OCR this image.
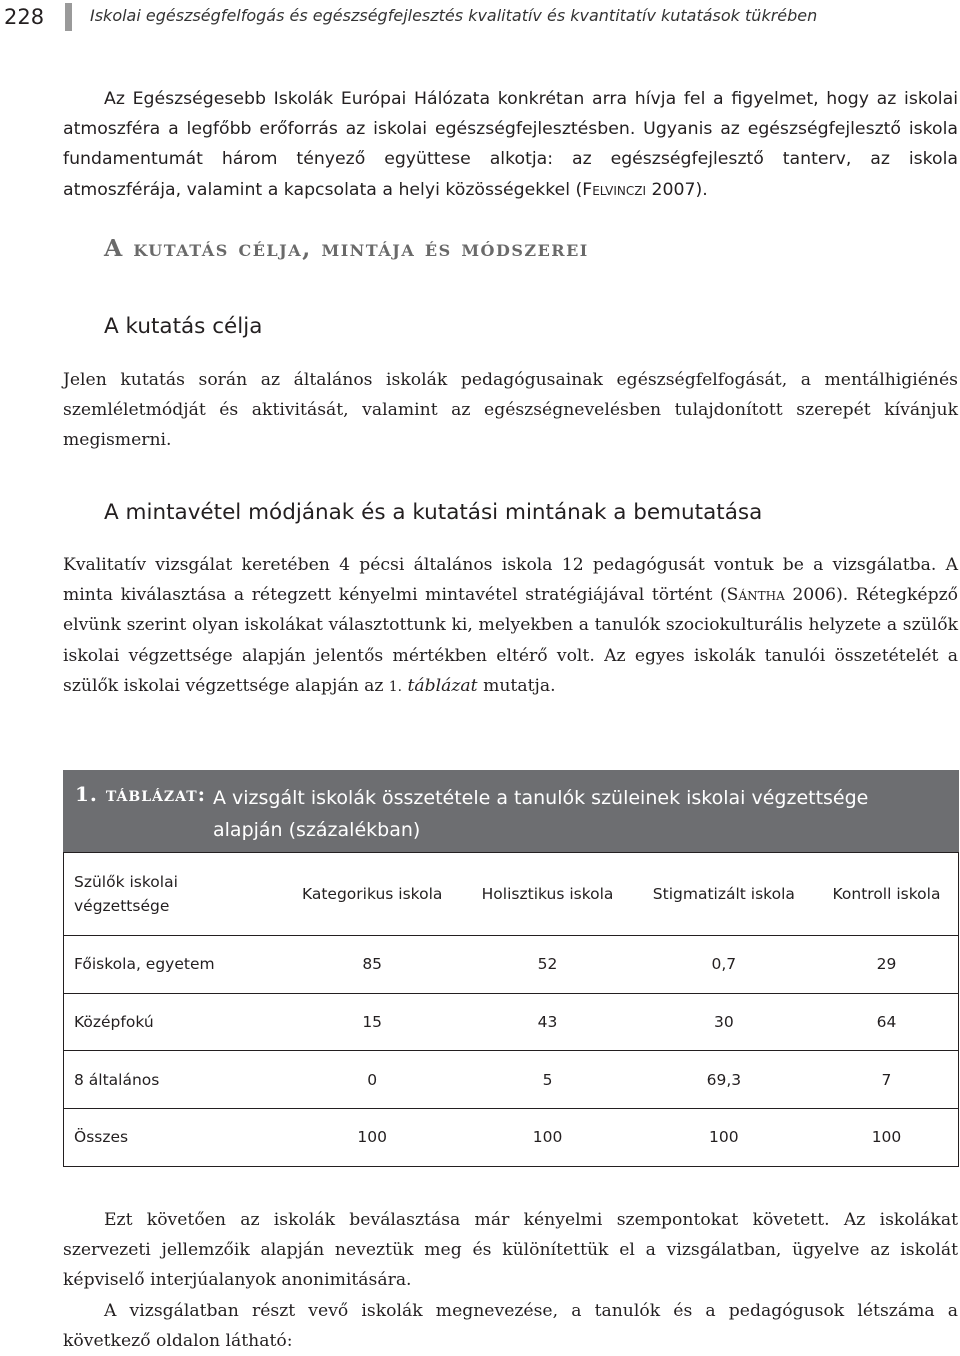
228	Iskolai egészségfelfogás és egészségfejlesztés kvalitatív és kvantitatív kutatások tükrében

Az Egészségesebb Iskolák Európai Hálózata konkrétan arra hívja fel a figyelmet, hogy az iskolai atmoszféra a legfőbb erőforrás az iskolai egészségfejlesztésben. Ugyanis az egészségfejlesztő iskola fundamentumát három tényező együttese alkotja: az egészségfejlesztő tanterv, az iskola atmoszférája, valamint a kapcsolata a helyi közösségekkel (Felvinczi 2007).

A kutatás célja, mintája és módszerei
A kutatás célja

Jelen kutatás során az általános iskolák pedagógusainak egészségfelfogását, a mentálhigiénés szemléletmódját és aktivitását, valamint az egészségnevelésben tulajdonított szerepét kívánjuk megismerni.

A mintavétel módjának és a kutatási mintának a bemutatása

Kvalitatív vizsgálat keretében 4 pécsi általános iskola 12 pedagógusát vontuk be a vizsgálatba. A minta kiválasztása a rétegzett kényelmi mintavétel stratégiájával történt (Sántha 2006). Rétegképző elvünk szerint olyan iskolákat választottunk ki, melyekben a tanulók szociokulturális helyzete a szülők iskolai végzettsége alapján jelentős mértékben eltérő volt. Az egyes iskolák tanulói összetételét a szülők iskolai végzettsége alapján az 1. táblázat mutatja.

1. táblázat: A vizsgált iskolák összetétele a tanulók szüleinek iskolai végzettsége alapján (százalékban)
Szülők iskolai végzettsége	Kategorikus iskola	Holisztikus iskola	Stigmatizált iskola	Kontroll iskola
Főiskola, egyetem	85	52	0,7	29
Középfokú	15	43	30	64
8 általános	0	5	69,3	7
Összes	100	100	100	100

Ezt követően az iskolák beválasztása már kényelmi szempontokat követett. Az iskolákat szervezeti jellemzőik alapján neveztük meg és különítettük el a vizsgálatban, ügyelve az iskolát képviselő interjúalanyok anonimitására.

A vizsgálatban részt vevő iskolák megnevezése, a tanulók és a pedagógusok létszáma a következő oldalon látható:
